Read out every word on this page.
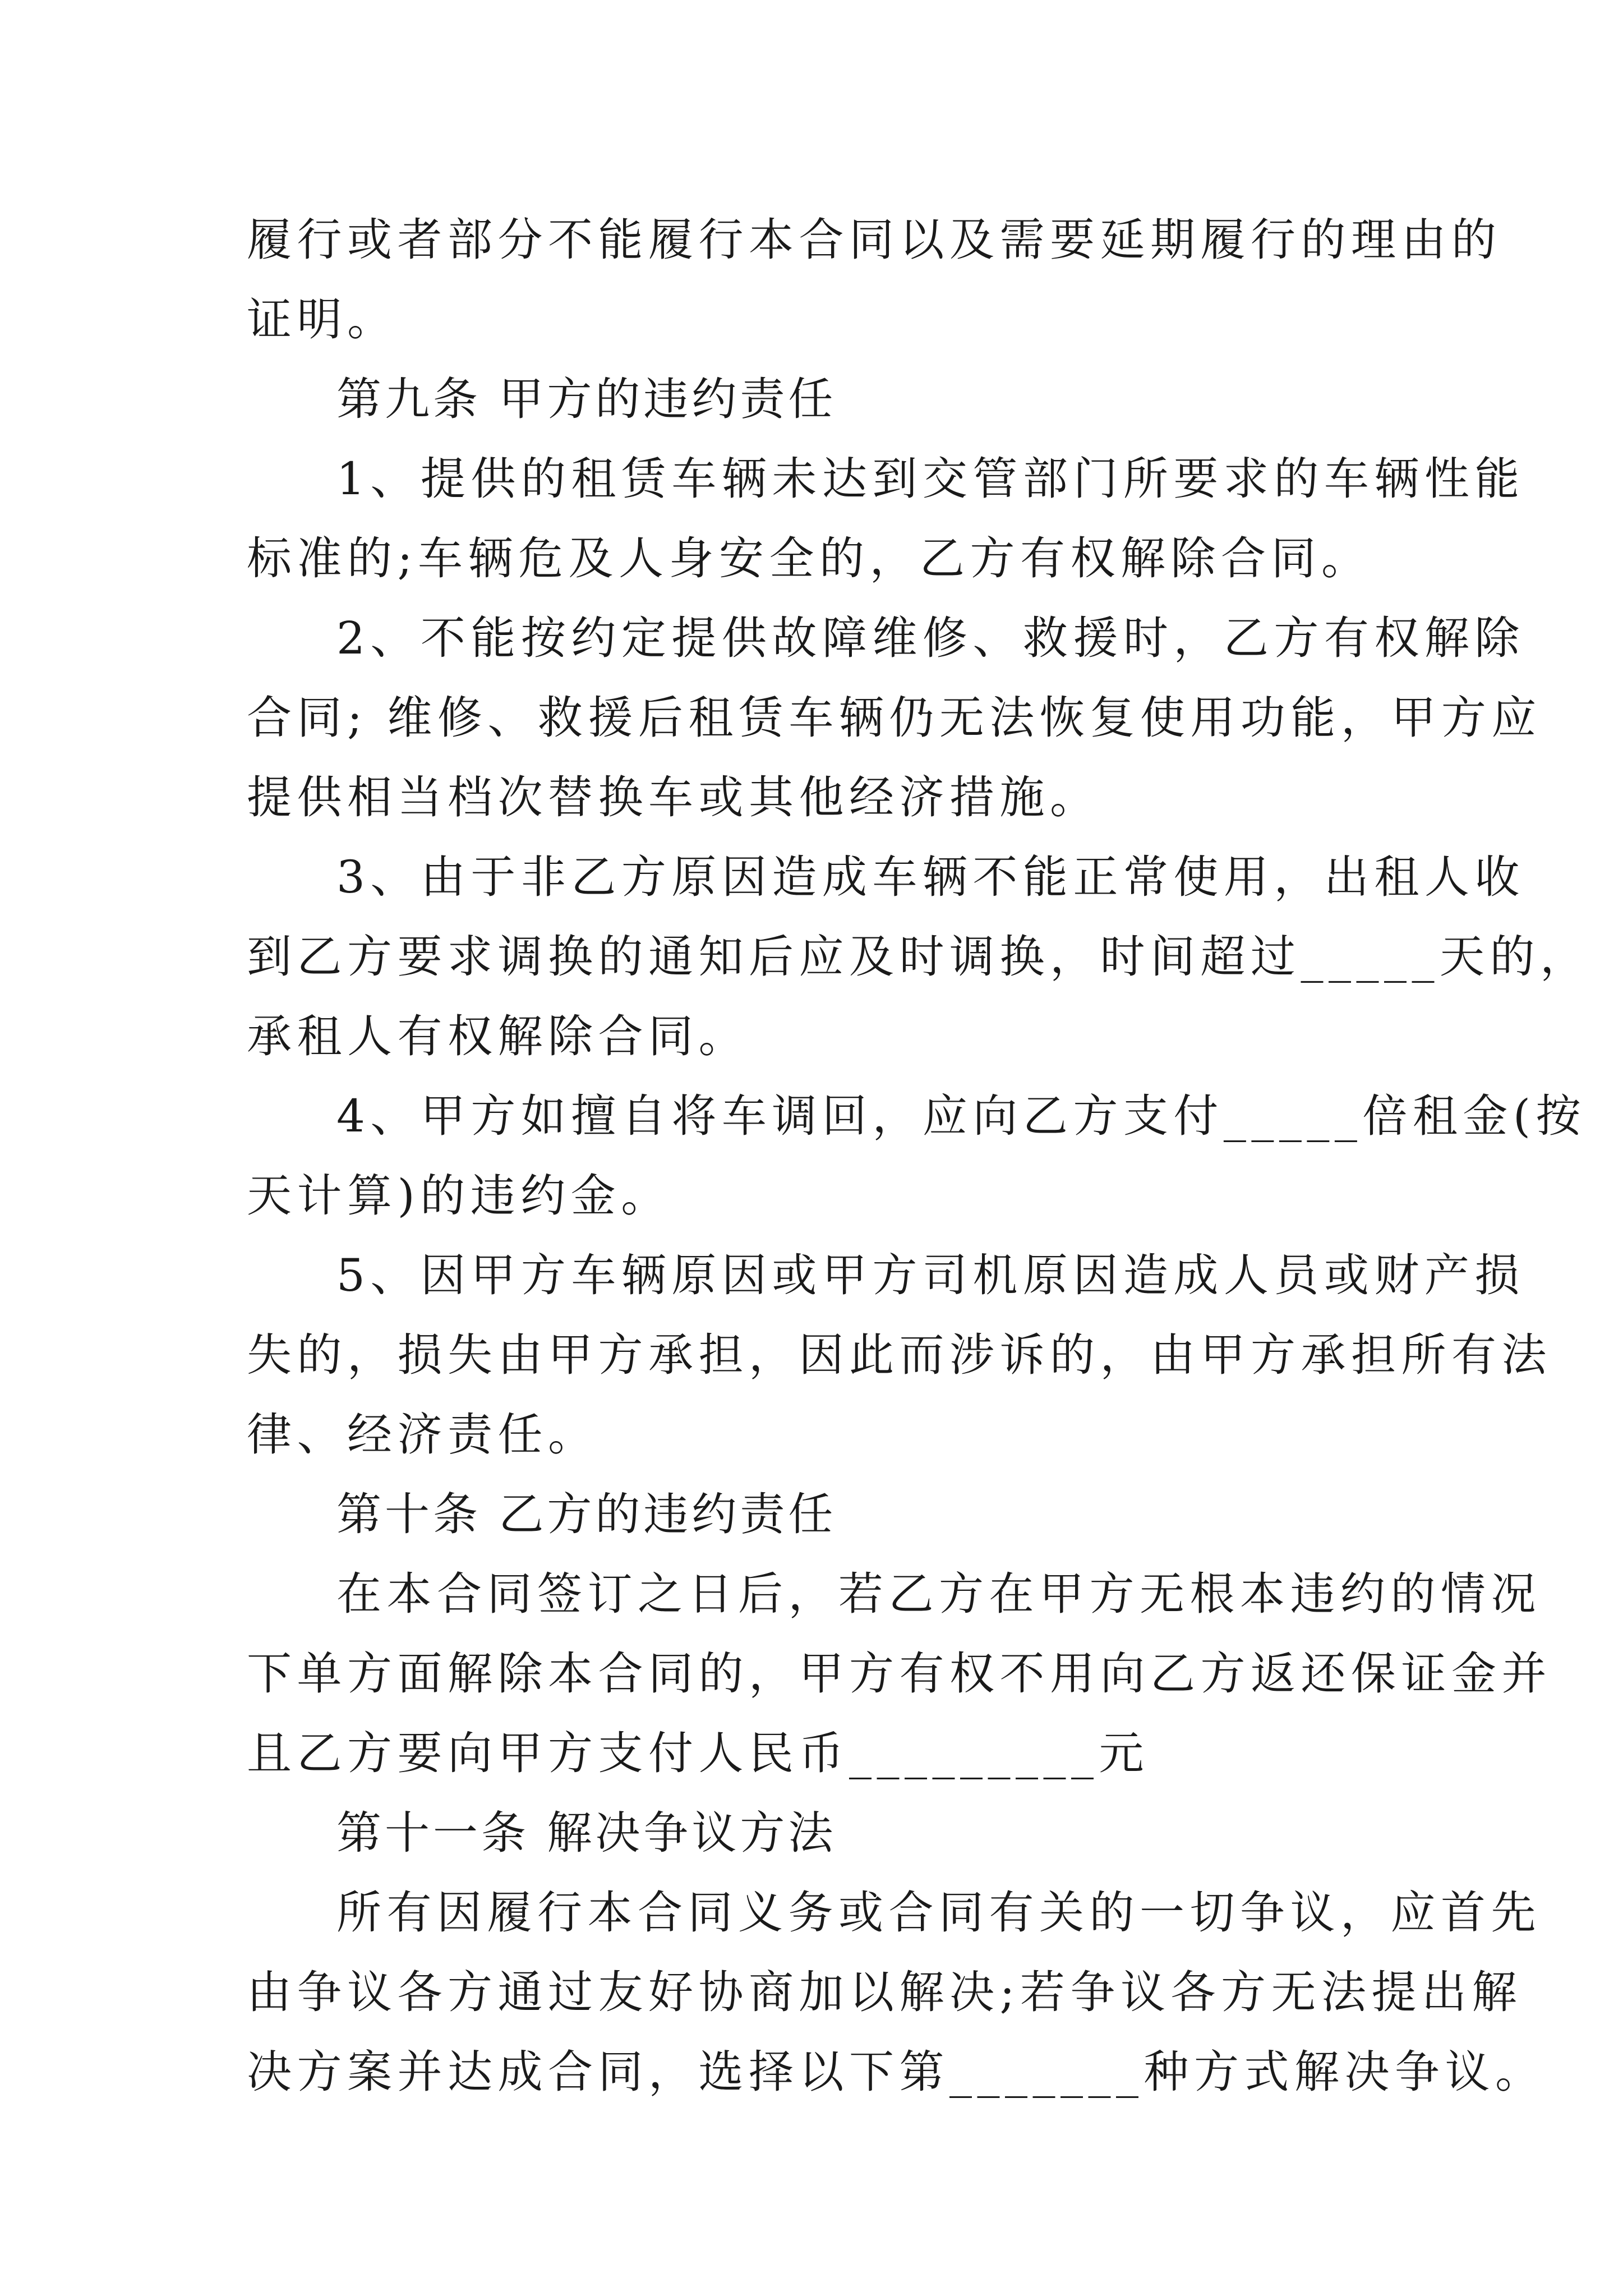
履行或者部分不能履行本合同以及需要延期履行的理由的
证明。
第九条 甲方的违约责任
1、提供的租赁车辆未达到交管部门所要求的车辆性能
标准的;车辆危及人身安全的，乙方有权解除合同。
2、不能按约定提供故障维修、救援时，乙方有权解除
合同; 维修、救援后租赁车辆仍无法恢复使用功能，甲方应
提供相当档次替换车或其他经济措施。
3、由于非乙方原因造成车辆不能正常使用，出租人收
到乙方要求调换的通知后应及时调换，时间超过_____天的，
承租人有权解除合同。
4、甲方如擅自将车调回，应向乙方支付_____倍租金(按
天计算)的违约金。
5、因甲方车辆原因或甲方司机原因造成人员或财产损
失的，损失由甲方承担，因此而涉诉的，由甲方承担所有法
律、经济责任。
第十条 乙方的违约责任
在本合同签订之日后，若乙方在甲方无根本违约的情况
下单方面解除本合同的，甲方有权不用向乙方返还保证金并
且乙方要向甲方支付人民币_________元
第十一条 解决争议方法
所有因履行本合同义务或合同有关的一切争议，应首先
由争议各方通过友好协商加以解决;若争议各方无法提出解
决方案并达成合同，选择以下第_______种方式解决争议。
